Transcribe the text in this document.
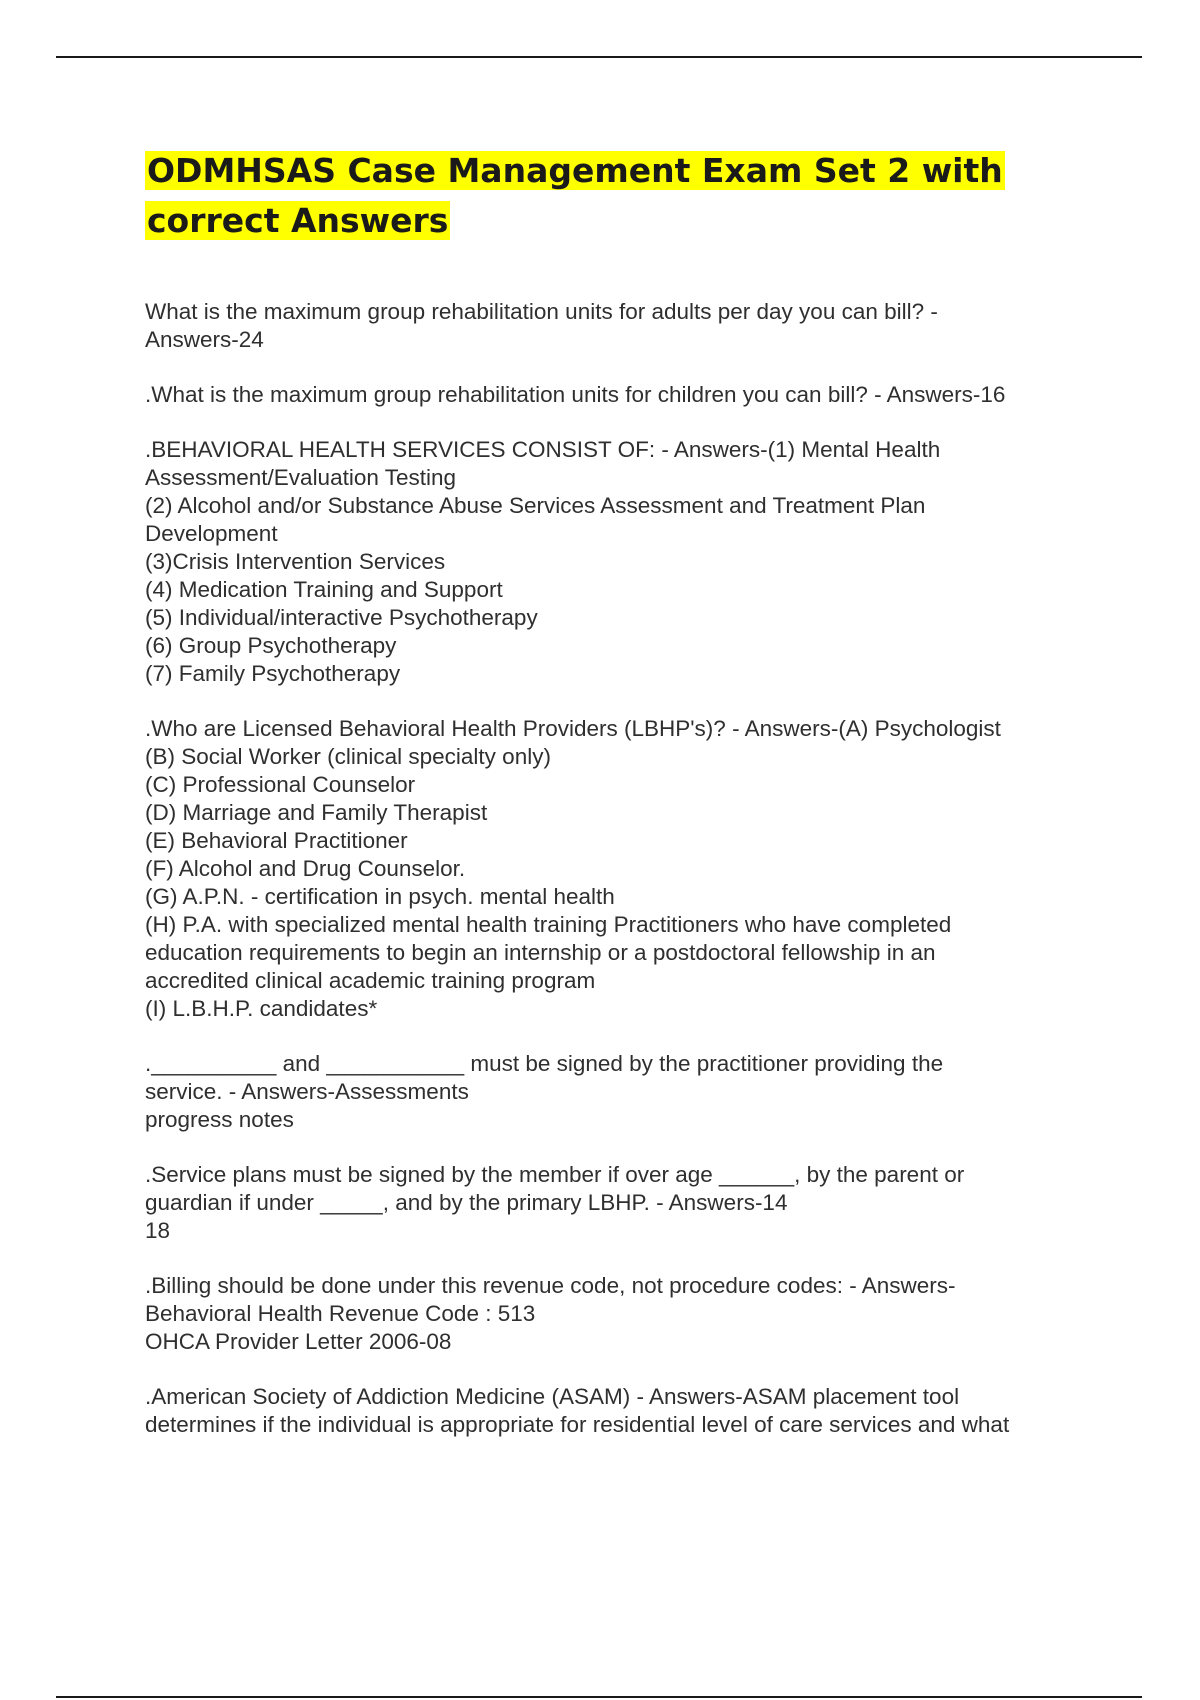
ODMHSAS Case Management Exam Set 2 with
correct Answers

What is the maximum group rehabilitation units for adults per day you can bill? -

Answers-24

.What is the maximum group rehabilitation units for children you can bill? - Answers-16

.BEHAVIORAL HEALTH SERVICES CONSIST OF: - Answers-(1) Mental Health

Assessment/Evaluation Testing

(2) Alcohol and/or Substance Abuse Services Assessment and Treatment Plan

Development

(3)Crisis Intervention Services

(4) Medication Training and Support

(5) Individual/interactive Psychotherapy

(6) Group Psychotherapy

(7) Family Psychotherapy

.Who are Licensed Behavioral Health Providers (LBHP's)? - Answers-(A) Psychologist

(B) Social Worker (clinical specialty only)

(C) Professional Counselor

(D) Marriage and Family Therapist

(E) Behavioral Practitioner

(F) Alcohol and Drug Counselor.

(G) A.P.N. - certification in psych. mental health

(H) P.A. with specialized mental health training Practitioners who have completed

education requirements to begin an internship or a postdoctoral fellowship in an

accredited clinical academic training program

(I) L.B.H.P. candidates*

.__________ and ___________ must be signed by the practitioner providing the

service. - Answers-Assessments

progress notes

.Service plans must be signed by the member if over age ______, by the parent or

guardian if under _____, and by the primary LBHP. - Answers-14

18

.Billing should be done under this revenue code, not procedure codes: - Answers-

Behavioral Health Revenue Code : 513

OHCA Provider Letter 2006-08

.American Society of Addiction Medicine (ASAM) - Answers-ASAM placement tool

determines if the individual is appropriate for residential level of care services and what
